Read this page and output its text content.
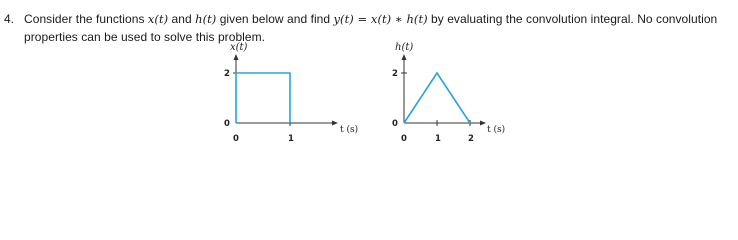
4. Consider the functions x(t) and h(t) given below and find y(t) = x(t) ∗ h(t) by evaluating the convolution integral. No convolution properties can be used to solve this problem.
x(t)
t (s)
2
0
0	1
h(t)
t (s)
2
0
0	1	2
